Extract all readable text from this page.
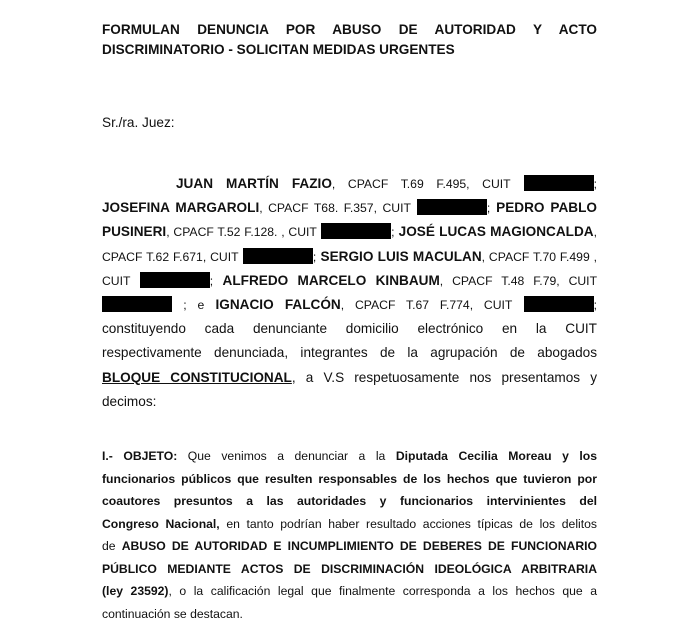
FORMULAN DENUNCIA POR ABUSO DE AUTORIDAD Y ACTO
DISCRIMINATORIO - SOLICITAN MEDIDAS URGENTES
Sr./ra. Juez:
JUAN MARTÍN FAZIO, CPACF T.69 F.495, CUIT	;
JOSEFINA MARGAROLI, CPACF T68. F.357, CUIT	; PEDRO PABLO
PUSINERI, CPACF T.52 F.128. , CUIT	; JOSÉ LUCAS MAGIONCALDA,
CPACF T.62 F.671, CUIT	; SERGIO LUIS MACULAN, CPACF T.70 F.499 ,
CUIT	; ALFREDO MARCELO KINBAUM, CPACF T.48 F.79, CUIT
; e IGNACIO FALCÓN, CPACF T.67 F.774, CUIT	;
constituyendo cada denunciante domicilio electrónico en la CUIT
respectivamente denunciada, integrantes de la agrupación de abogados
BLOQUE CONSTITUCIONAL, a V.S respetuosamente nos presentamos y
decimos:
I.- OBJETO: Que venimos a denunciar a la Diputada Cecilia Moreau y los
funcionarios públicos que resulten responsables de los hechos que tuvieron por
coautores presuntos a las autoridades y funcionarios intervinientes del
Congreso Nacional, en tanto podrían haber resultado acciones típicas de los delitos
de ABUSO DE AUTORIDAD E INCUMPLIMIENTO DE DEBERES DE FUNCIONARIO
PÚBLICO MEDIANTE ACTOS DE DISCRIMINACIÓN IDEOLÓGICA ARBITRARIA
(ley 23592), o la calificación legal que finalmente corresponda a los hechos que a
continuación se destacan.
